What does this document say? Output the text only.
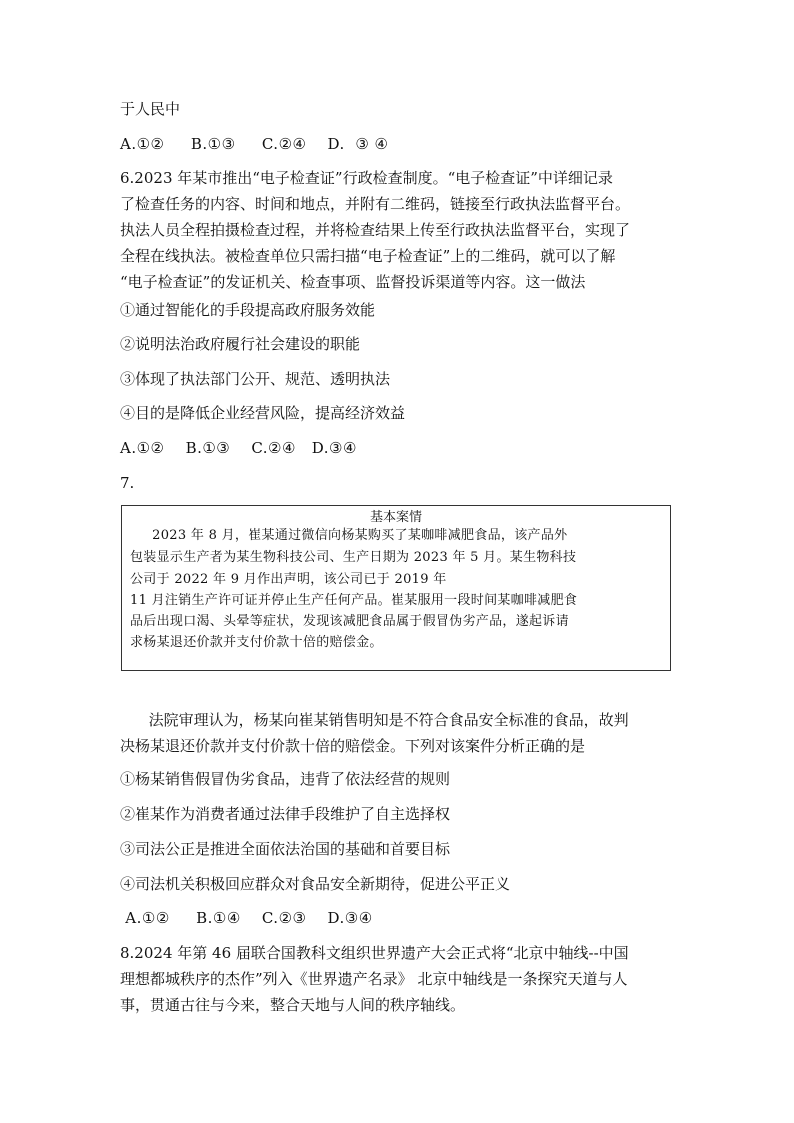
于人民中
A.①②     B.①③     C.②④    D.  ③ ④
6.2023 年某市推出“电子检查证”行政检查制度。“电子检查证”中详细记录
了检查任务的内容、时间和地点，并附有二维码，链接至行政执法监督平台。
执法人员全程拍摄检查过程，并将检查结果上传至行政执法监督平台，实现了
全程在线执法。被检查单位只需扫描“电子检查证”上的二维码，就可以了解
“电子检查证”的发证机关、检查事项、监督投诉渠道等内容。这一做法
①通过智能化的手段提高政府服务效能
②说明法治政府履行社会建设的职能
③体现了执法部门公开、规范、透明执法
④目的是降低企业经营风险，提高经济效益
A.①②    B.①③    C.②④   D.③④
7.
基本案情
2023 年 8 月，崔某通过微信向杨某购买了某咖啡减肥食品，该产品外
包装显示生产者为某生物科技公司、生产日期为 2023 年 5 月。某生物科技
公司于 2022 年 9 月作出声明，该公司已于 2019 年
11 月注销生产许可证并停止生产任何产品。崔某服用一段时间某咖啡减肥食
品后出现口渴、头晕等症状，发现该减肥食品属于假冒伪劣产品，遂起诉请
求杨某退还价款并支付价款十倍的赔偿金。
法院审理认为，杨某向崔某销售明知是不符合食品安全标准的食品，故判
决杨某退还价款并支付价款十倍的赔偿金。下列对该案件分析正确的是
①杨某销售假冒伪劣食品，违背了依法经营的规则
②崔某作为消费者通过法律手段维护了自主选择权
③司法公正是推进全面依法治国的基础和首要目标
④司法机关积极回应群众对食品安全新期待，促进公平正义
A.①②     B.①④    C.②③    D.③④
8.2024 年第 46 届联合国教科文组织世界遗产大会正式将“北京中轴线--中国
理想都城秩序的杰作”列入《世界遗产名录》 北京中轴线是一条探究天道与人
事，贯通古往与今来，整合天地与人间的秩序轴线。
